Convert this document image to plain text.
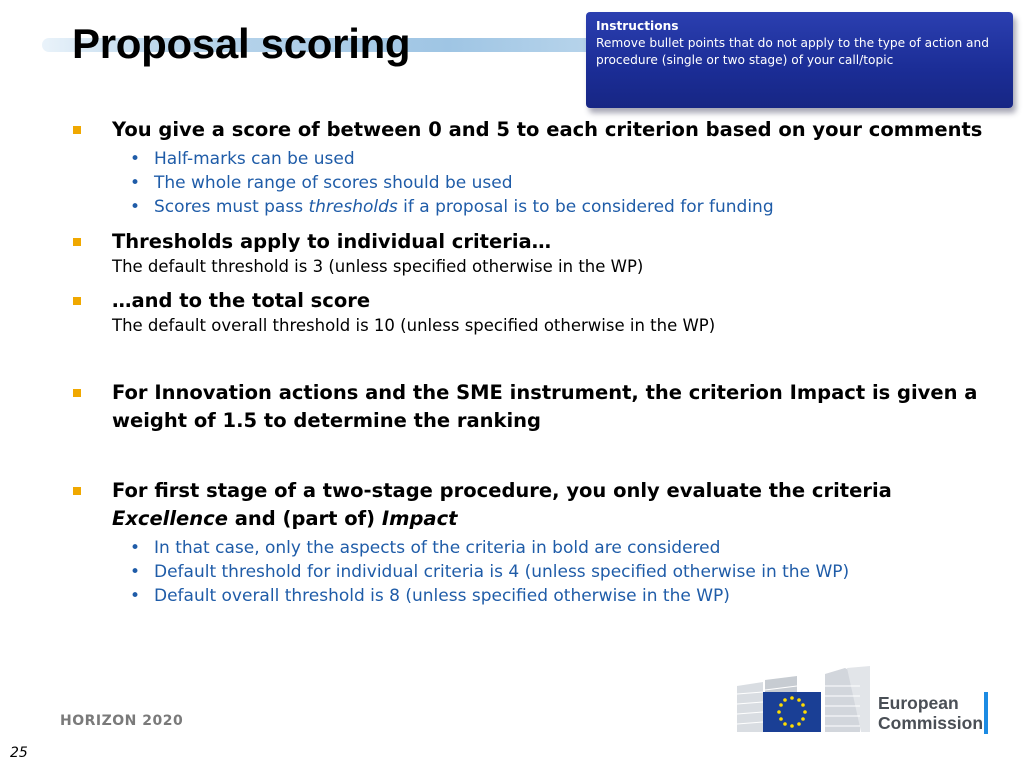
Proposal scoring	Instructions
Remove bullet points that do not apply to the type of action and procedure (single or two stage) of your call/topic
You give a score of between 0 and 5 to each criterion based on your comments
• Half-marks can be used
• The whole range of scores should be used
• Scores must pass thresholds if a proposal is to be considered for funding
Thresholds apply to individual criteria…
The default threshold is 3 (unless specified otherwise in the WP)
…and to the total score
The default overall threshold is 10 (unless specified otherwise in the WP)
For Innovation actions and the SME instrument, the criterion Impact is given a weight of 1.5 to determine the ranking
For first stage of a two-stage procedure, you only evaluate the criteria Excellence and (part of) Impact
• In that case, only the aspects of the criteria in bold are considered
• Default threshold for individual criteria is 4 (unless specified otherwise in the WP)
• Default overall threshold is 8 (unless specified otherwise in the WP)
HORIZON 2020
25
European
Commission
